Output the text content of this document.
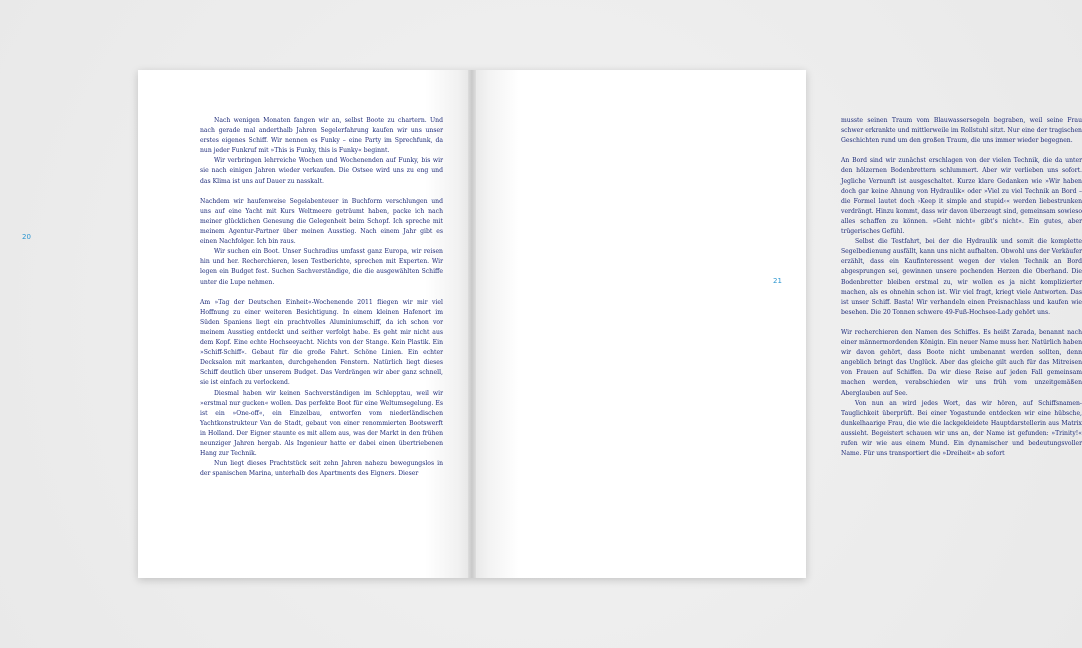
Nach wenigen Monaten fangen wir an, selbst Boote zu chartern. Und nach gerade mal anderthalb Jahren Segelerfahrung kaufen wir uns unser erstes eigenes Schiff. Wir nennen es Funky – eine Party im Sprechfunk, da nun jeder Funkruf mit »This is Funky, this is Funky« beginnt.

Wir verbringen lehrreiche Wochen und Wochenenden auf Funky, bis wir sie nach einigen Jahren wieder verkaufen. Die Ostsee wird uns zu eng und das Klima ist uns auf Dauer zu nasskalt.

Nachdem wir haufenweise Segelabenteuer in Buchform verschlungen und uns auf eine Yacht mit Kurs Weltmeere geträumt haben, packe ich nach meiner glücklichen Genesung die Gelegenheit beim Schopf. Ich spreche mit meinem Agentur-Partner über meinen Ausstieg. Nach einem Jahr gibt es einen Nachfolger. Ich bin raus.

Wir suchen ein Boot. Unser Suchradius umfasst ganz Europa, wir reisen hin und her. Recherchieren, lesen Testberichte, sprechen mit Experten. Wir legen ein Budget fest. Suchen Sachverständige, die die ausgewählten Schiffe unter die Lupe nehmen.

Am »Tag der Deutschen Einheit«-Wochenende 2011 fliegen wir mir viel Hoffnung zu einer weiteren Besichtigung. In einem kleinen Hafenort im Süden Spaniens liegt ein prachtvolles Aluminiumschiff, da ich schon vor meinem Ausstieg entdeckt und seither verfolgt habe. Es geht mir nicht aus dem Kopf. Eine echte Hochseeyacht. Nichts von der Stange. Kein Plastik. Ein »Schiff-Schiff«. Gebaut für die große Fahrt. Schöne Linien. Ein echter Decksalon mit markanten, durchgehenden Fenstern. Natürlich liegt dieses Schiff deutlich über unserem Budget. Das Verdrängen wir aber ganz schnell, sie ist einfach zu verlockend.

Diesmal haben wir keinen Sachverständigen im Schlepptau, weil wir »erstmal nur gucken« wollen. Das perfekte Boot für eine Weltumsegelung. Es ist ein »One-off«, ein Einzelbau, entworfen vom niederländischen Yachtkonstrukteur Van de Stadt, gebaut von einer renommierten Bootswerft in Holland. Der Eigner staunte es mit allem aus, was der Markt in den frühen neunziger Jahren hergab. Als Ingenieur hatte er dabei einen übertriebenen Hang zur Technik.

Nun liegt dieses Prachtstück seit zehn Jahren nahezu bewegungslos in der spanischen Marina, unterhalb des Apartments des Eigners. Dieser

musste seinen Traum vom Blauwassersegeln begraben, weil seine Frau schwer erkrankte und mittlerweile im Rollstuhl sitzt. Nur eine der tragischen Geschichten rund um den großen Traum, die uns immer wieder begegnen.

An Bord sind wir zunächst erschlagen von der vielen Technik, die da unter den hölzernen Bodenbrettern schlummert. Aber wir verlieben uns sofort. Jegliche Vernunft ist ausgeschaltet. Kurze klare Gedanken wie »Wir haben doch gar keine Ahnung von Hydraulik« oder »Viel zu viel Technik an Bord – die Formel lautet doch ›Keep it simple and stupid‹« werden liebestrunken verdrängt. Hinzu kommt, dass wir davon überzeugt sind, gemeinsam sowieso alles schaffen zu können. »Geht nicht« gibt’s nicht«. Ein gutes, aber trügerisches Gefühl.

Selbst die Testfahrt, bei der die Hydraulik und somit die komplette Segelbedienung ausfällt, kann uns nicht aufhalten. Obwohl uns der Verkäufer erzählt, dass ein Kaufinteressent wegen der vielen Technik an Bord abgesprungen sei, gewinnen unsere pochenden Herzen die Oberhand. Die Bodenbretter bleiben erstmal zu, wir wollen es ja nicht komplizierter machen, als es ohnehin schon ist. Wir viel fragt, kriegt viele Antworten. Das ist unser Schiff. Basta! Wir verhandeln einen Preisnachlass und kaufen wie besehen. Die 20 Tonnen schwere 49-Fuß-Hochsee-Lady gehört uns.

Wir recherchieren den Namen des Schiffes. Es heißt Zarada, benannt nach einer männermordenden Königin. Ein neuer Name muss her. Natürlich haben wir davon gehört, dass Boote nicht umbenannt werden sollten, denn angeblich bringt das Unglück. Aber das gleiche gilt auch für das Mitreisen von Frauen auf Schiffen. Da wir diese Reise auf jeden Fall gemeinsam machen werden, verabschieden wir uns früh vom unzeitgemäßen Aberglauben auf See.

Von nun an wird jedes Wort, das wir hören, auf Schiffsnamen-Tauglichkeit überprüft. Bei einer Yogastunde entdecken wir eine hübsche, dunkelhaarige Frau, die wie die lackgekleidete Hauptdarstellerin aus Matrix aussieht. Begeistert schauen wir uns an, der Name ist gefunden: »Trinity!« rufen wir wie aus einem Mund. Ein dynamischer und bedeutungsvoller Name. Für uns transportiert die »Dreiheit« ab sofort

20
21
